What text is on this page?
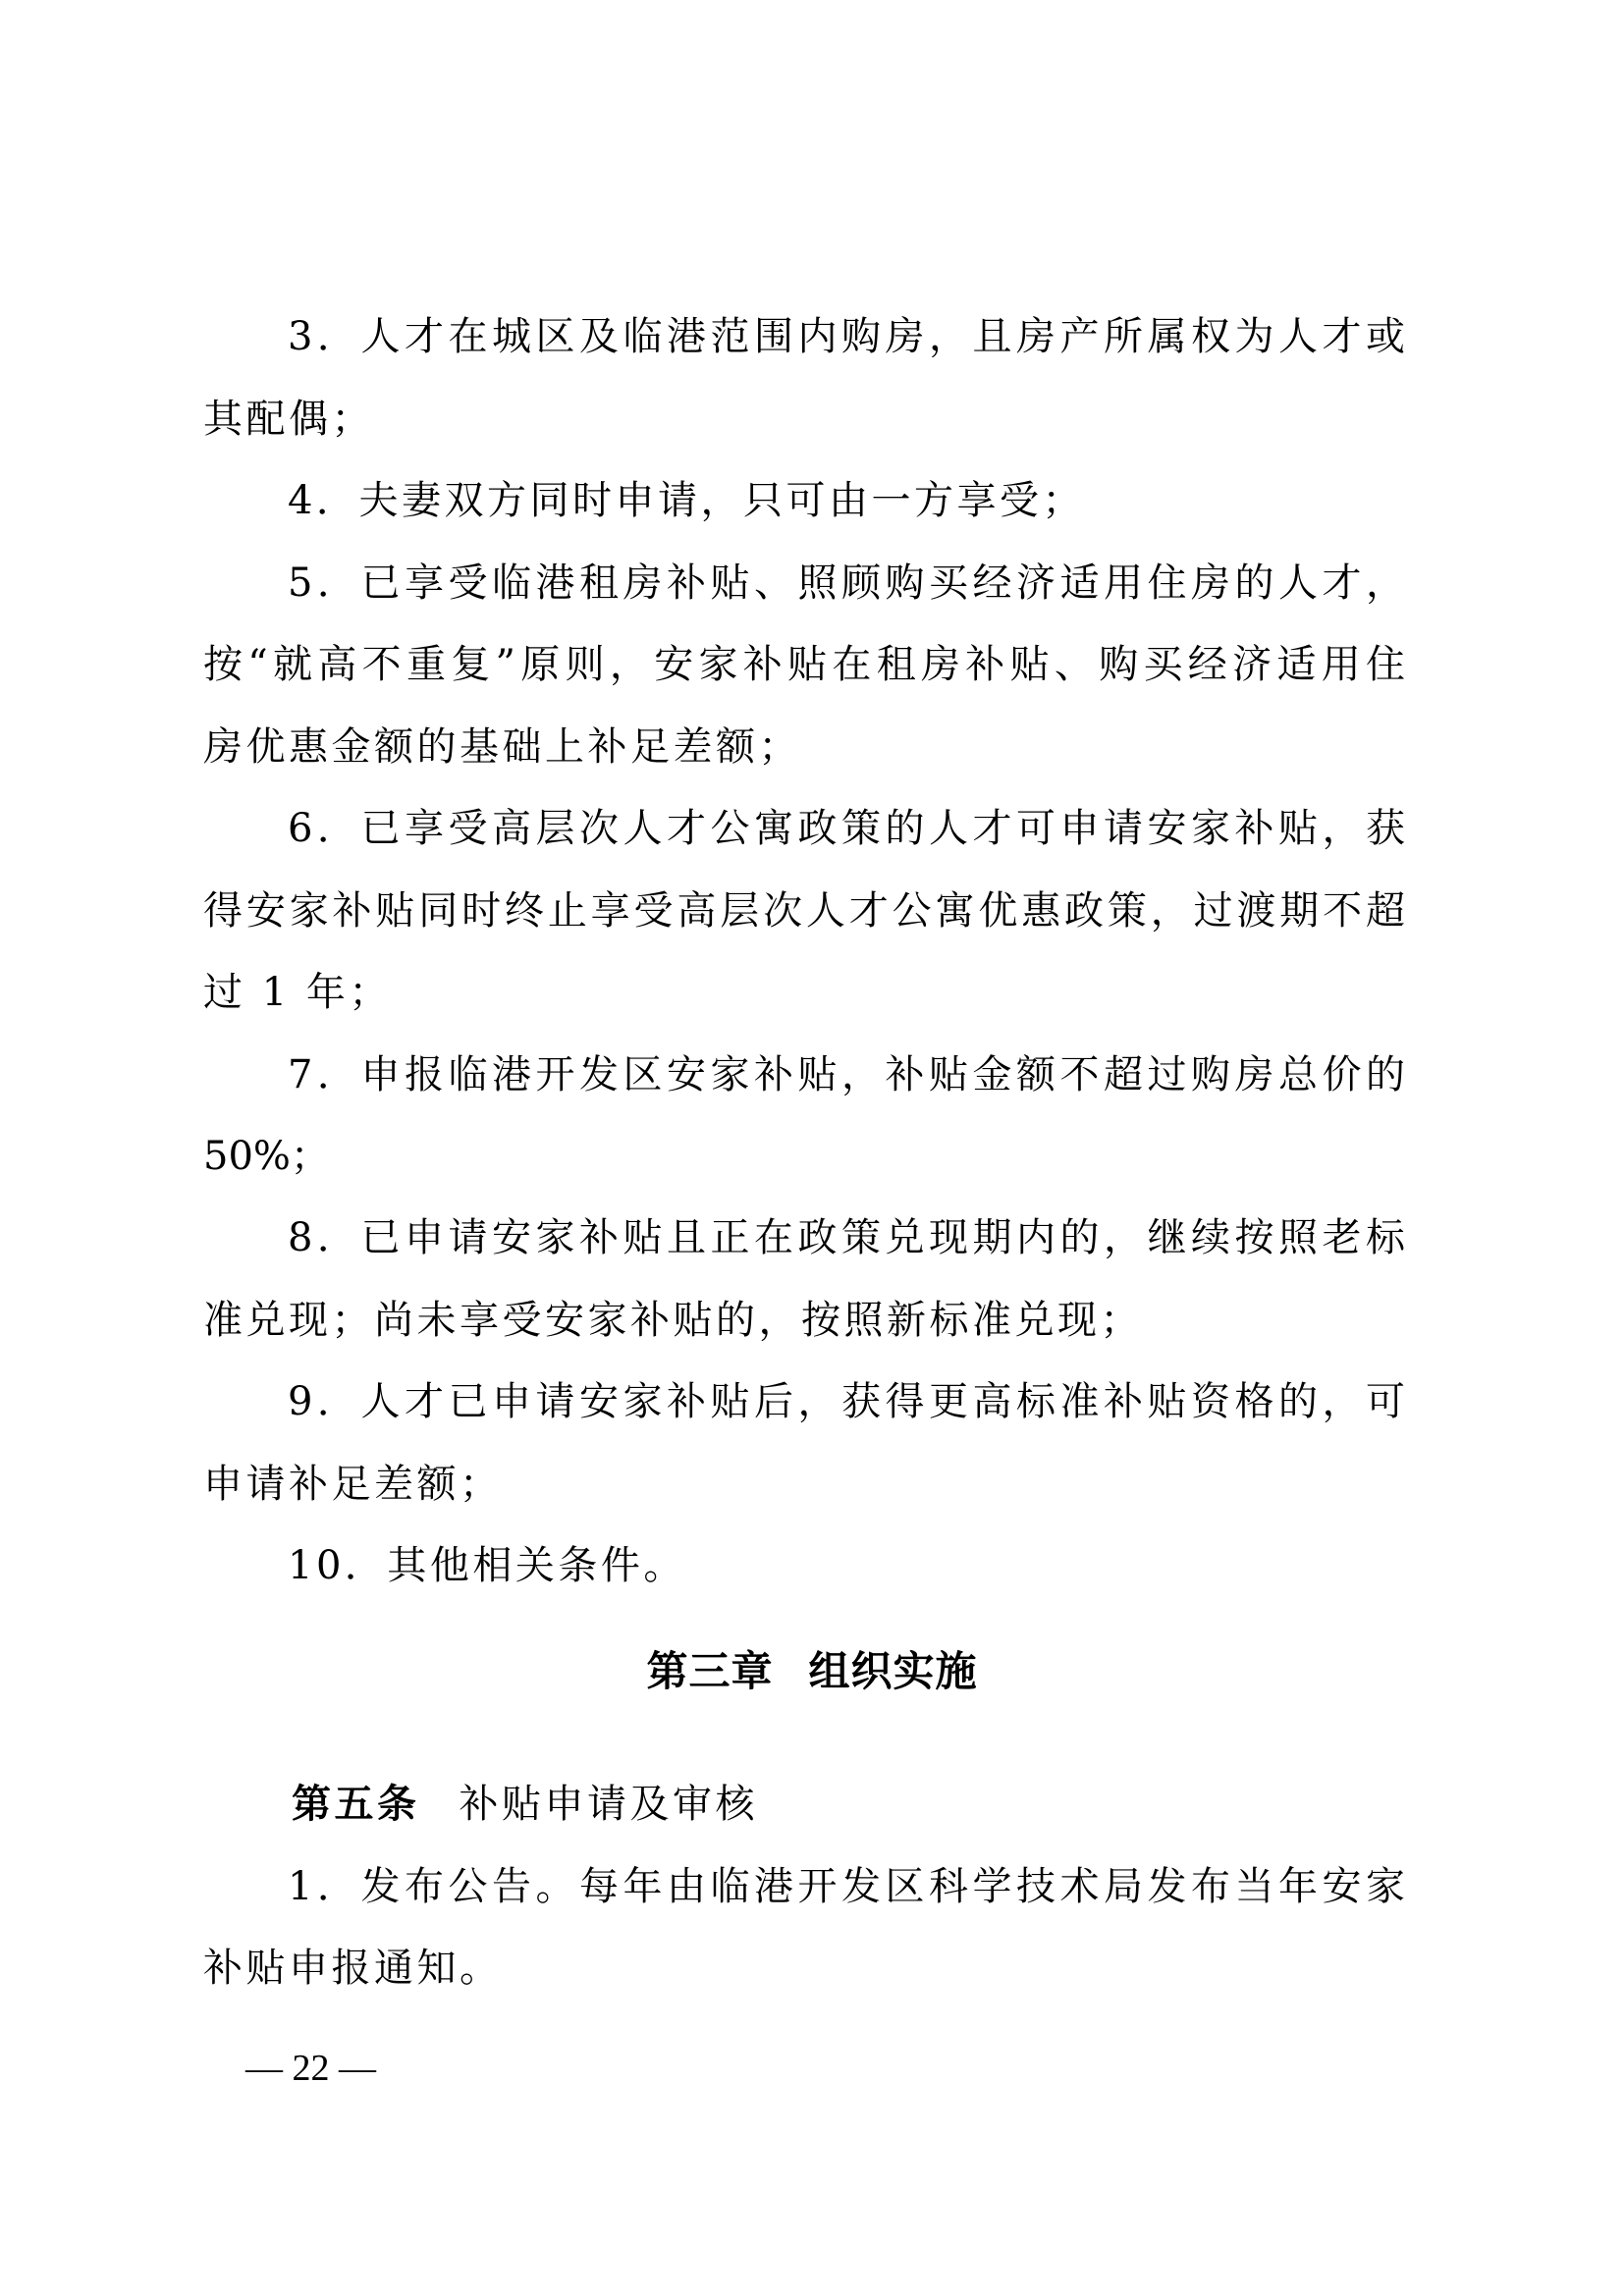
3．人才在城区及临港范围内购房，且房产所属权为人才或
其配偶；
4．夫妻双方同时申请，只可由一方享受；
5．已享受临港租房补贴、照顾购买经济适用住房的人才，
按“就高不重复”原则，安家补贴在租房补贴、购买经济适用住
房优惠金额的基础上补足差额；
6．已享受高层次人才公寓政策的人才可申请安家补贴，获
得安家补贴同时终止享受高层次人才公寓优惠政策，过渡期不超
过 1 年；
7．申报临港开发区安家补贴，补贴金额不超过购房总价的
50%；
8．已申请安家补贴且正在政策兑现期内的，继续按照老标
准兑现；尚未享受安家补贴的，按照新标准兑现；
9．人才已申请安家补贴后，获得更高标准补贴资格的，可
申请补足差额；
10．其他相关条件。
第三章 组织实施
第五条 补贴申请及审核
1．发布公告。每年由临港开发区科学技术局发布当年安家
补贴申报通知。
— 22 —
